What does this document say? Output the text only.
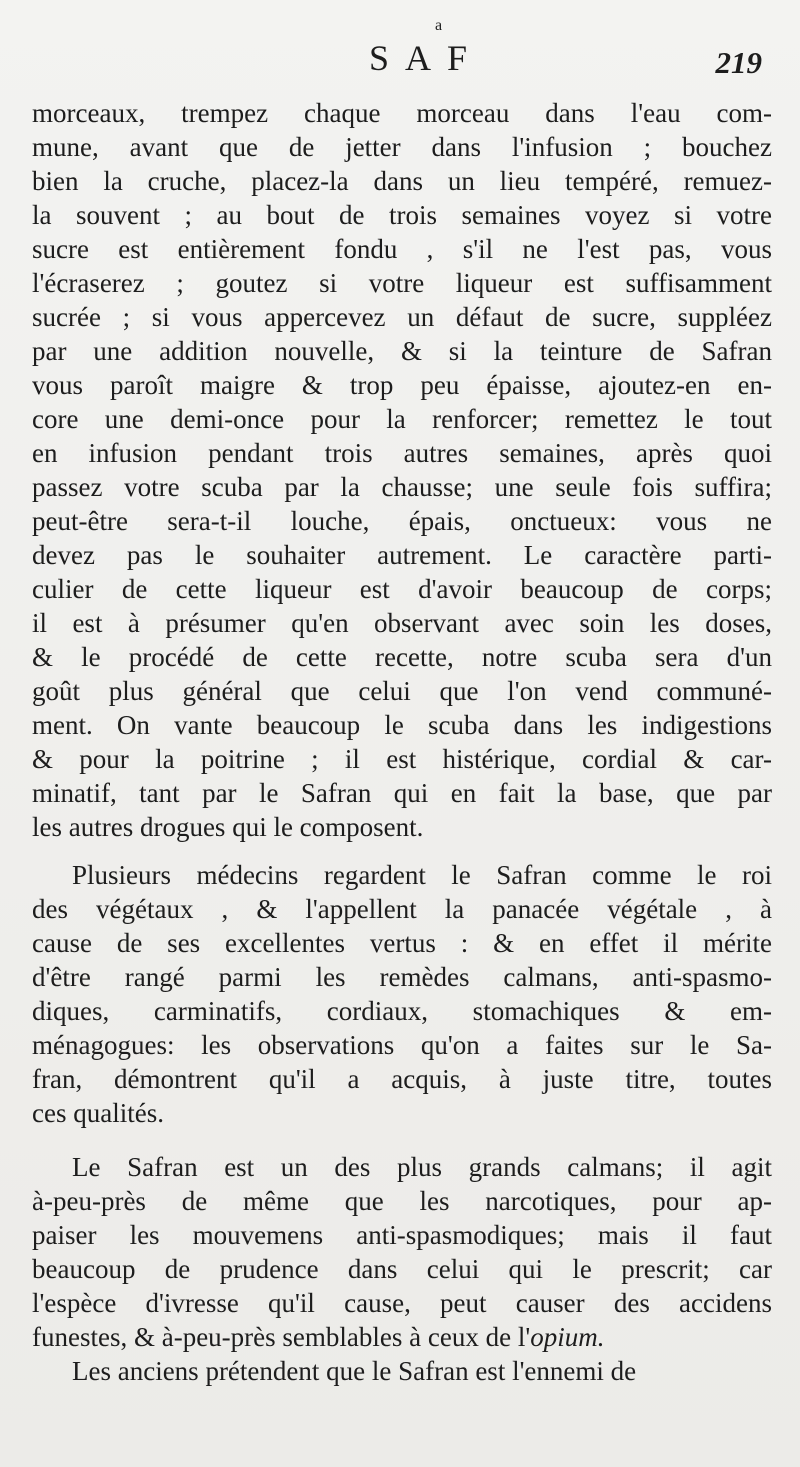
a
SAF	219
morceaux, trempez chaque morceau dans l'eau com-
mune, avant que de jetter dans l'infusion ; bouchez
bien la cruche, placez-la dans un lieu tempéré, remuez-
la souvent ; au bout de trois semaines voyez si votre
sucre est entièrement fondu , s'il ne l'est pas, vous
l'écraserez ; goutez si votre liqueur est suffisamment
sucrée ; si vous appercevez un défaut de sucre, suppléez
par une addition nouvelle, & si la teinture de Safran
vous paroît maigre & trop peu épaisse, ajoutez-en en-
core une demi-once pour la renforcer; remettez le tout
en infusion pendant trois autres semaines, après quoi
passez votre scuba par la chausse; une seule fois suffira;
peut-être sera-t-il louche, épais, onctueux: vous ne
devez pas le souhaiter autrement. Le caractère parti-
culier de cette liqueur est d'avoir beaucoup de corps;
il est à présumer qu'en observant avec soin les doses,
& le procédé de cette recette, notre scuba sera d'un
goût plus général que celui que l'on vend communé-
ment. On vante beaucoup le scuba dans les indigestions
& pour la poitrine ; il est histérique, cordial & car-
minatif, tant par le Safran qui en fait la base, que par
les autres drogues qui le composent.
Plusieurs médecins regardent le Safran comme le roi
des végétaux , & l'appellent la panacée végétale , à
cause de ses excellentes vertus : & en effet il mérite
d'être rangé parmi les remèdes calmans, anti-spasmo-
diques, carminatifs, cordiaux, stomachiques & em-
ménagogues: les observations qu'on a faites sur le Sa-
fran, démontrent qu'il a acquis, à juste titre, toutes
ces qualités.
Le Safran est un des plus grands calmans; il agit
à-peu-près de même que les narcotiques, pour ap-
paiser les mouvemens anti-spasmodiques; mais il faut
beaucoup de prudence dans celui qui le prescrit; car
l'espèce d'ivresse qu'il cause, peut causer des accidens
funestes, & à-peu-près semblables à ceux de l'opium.
Les anciens prétendent que le Safran est l'ennemi de
